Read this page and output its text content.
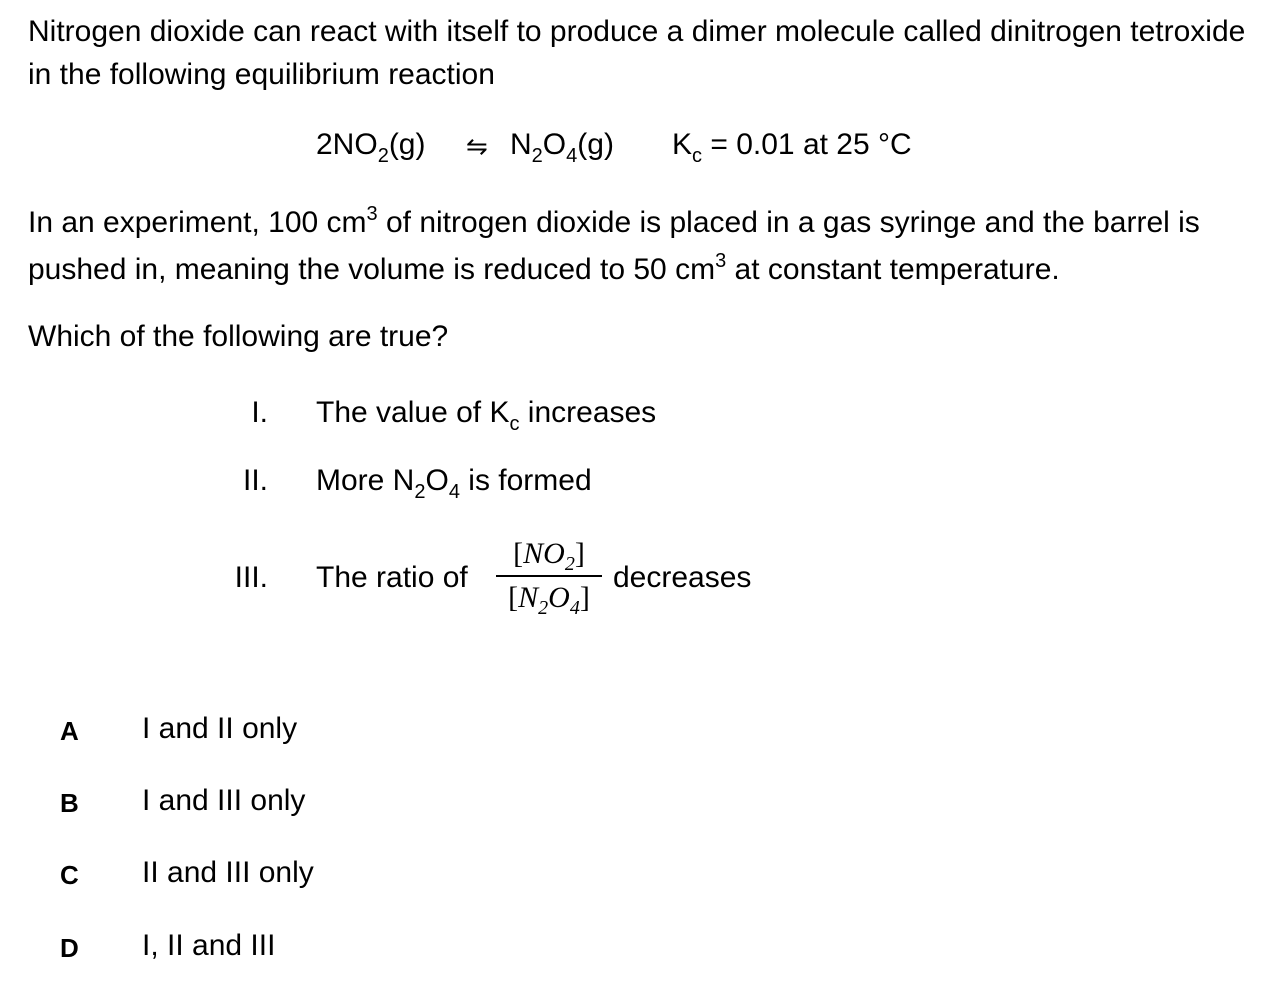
Nitrogen dioxide can react with itself to produce a dimer molecule called dinitrogen tetroxide in the following equilibrium reaction
$2NO_2(g)$ ⇋ $N_2O_4(g) K_c = 0.01$ at 25 °C
In an experiment, 100 $cm^3$ of nitrogen dioxide is placed in a gas syringe and the barrel is pushed in, meaning the volume is reduced to 50 $cm^3$ at constant temperature.
Which of the following are true?
I. The value of $K_c$ increases
II. More $N_2O_4$ is formed
III. The ratio of
$[NO_2]$
$[N_2O_4]$
decreases
A I and II only
B I and III only
C II and III only
D I, II and III
